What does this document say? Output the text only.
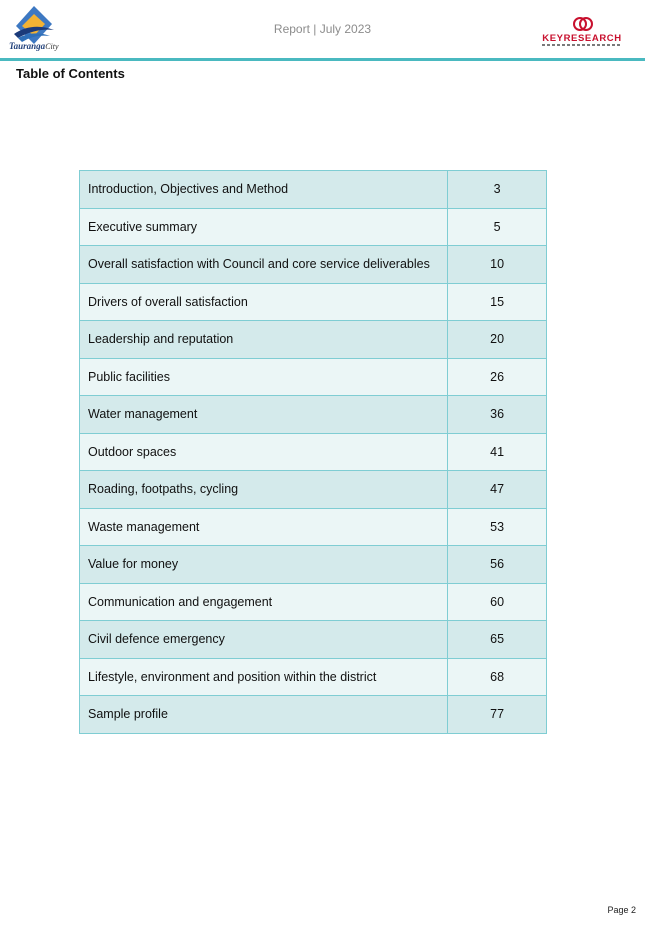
TaurangaCity
Report | July 2023
KEYRESEARCH
Table of Contents
Introduction, Objectives and Method	3
Executive summary	5
Overall satisfaction with Council and core service deliverables	10
Drivers of overall satisfaction	15
Leadership and reputation	20
Public facilities	26
Water management	36
Outdoor spaces	41
Roading, footpaths, cycling	47
Waste management	53
Value for money	56
Communication and engagement	60
Civil defence emergency	65
Lifestyle, environment and position within the district	68
Sample profile	77
Page 2
